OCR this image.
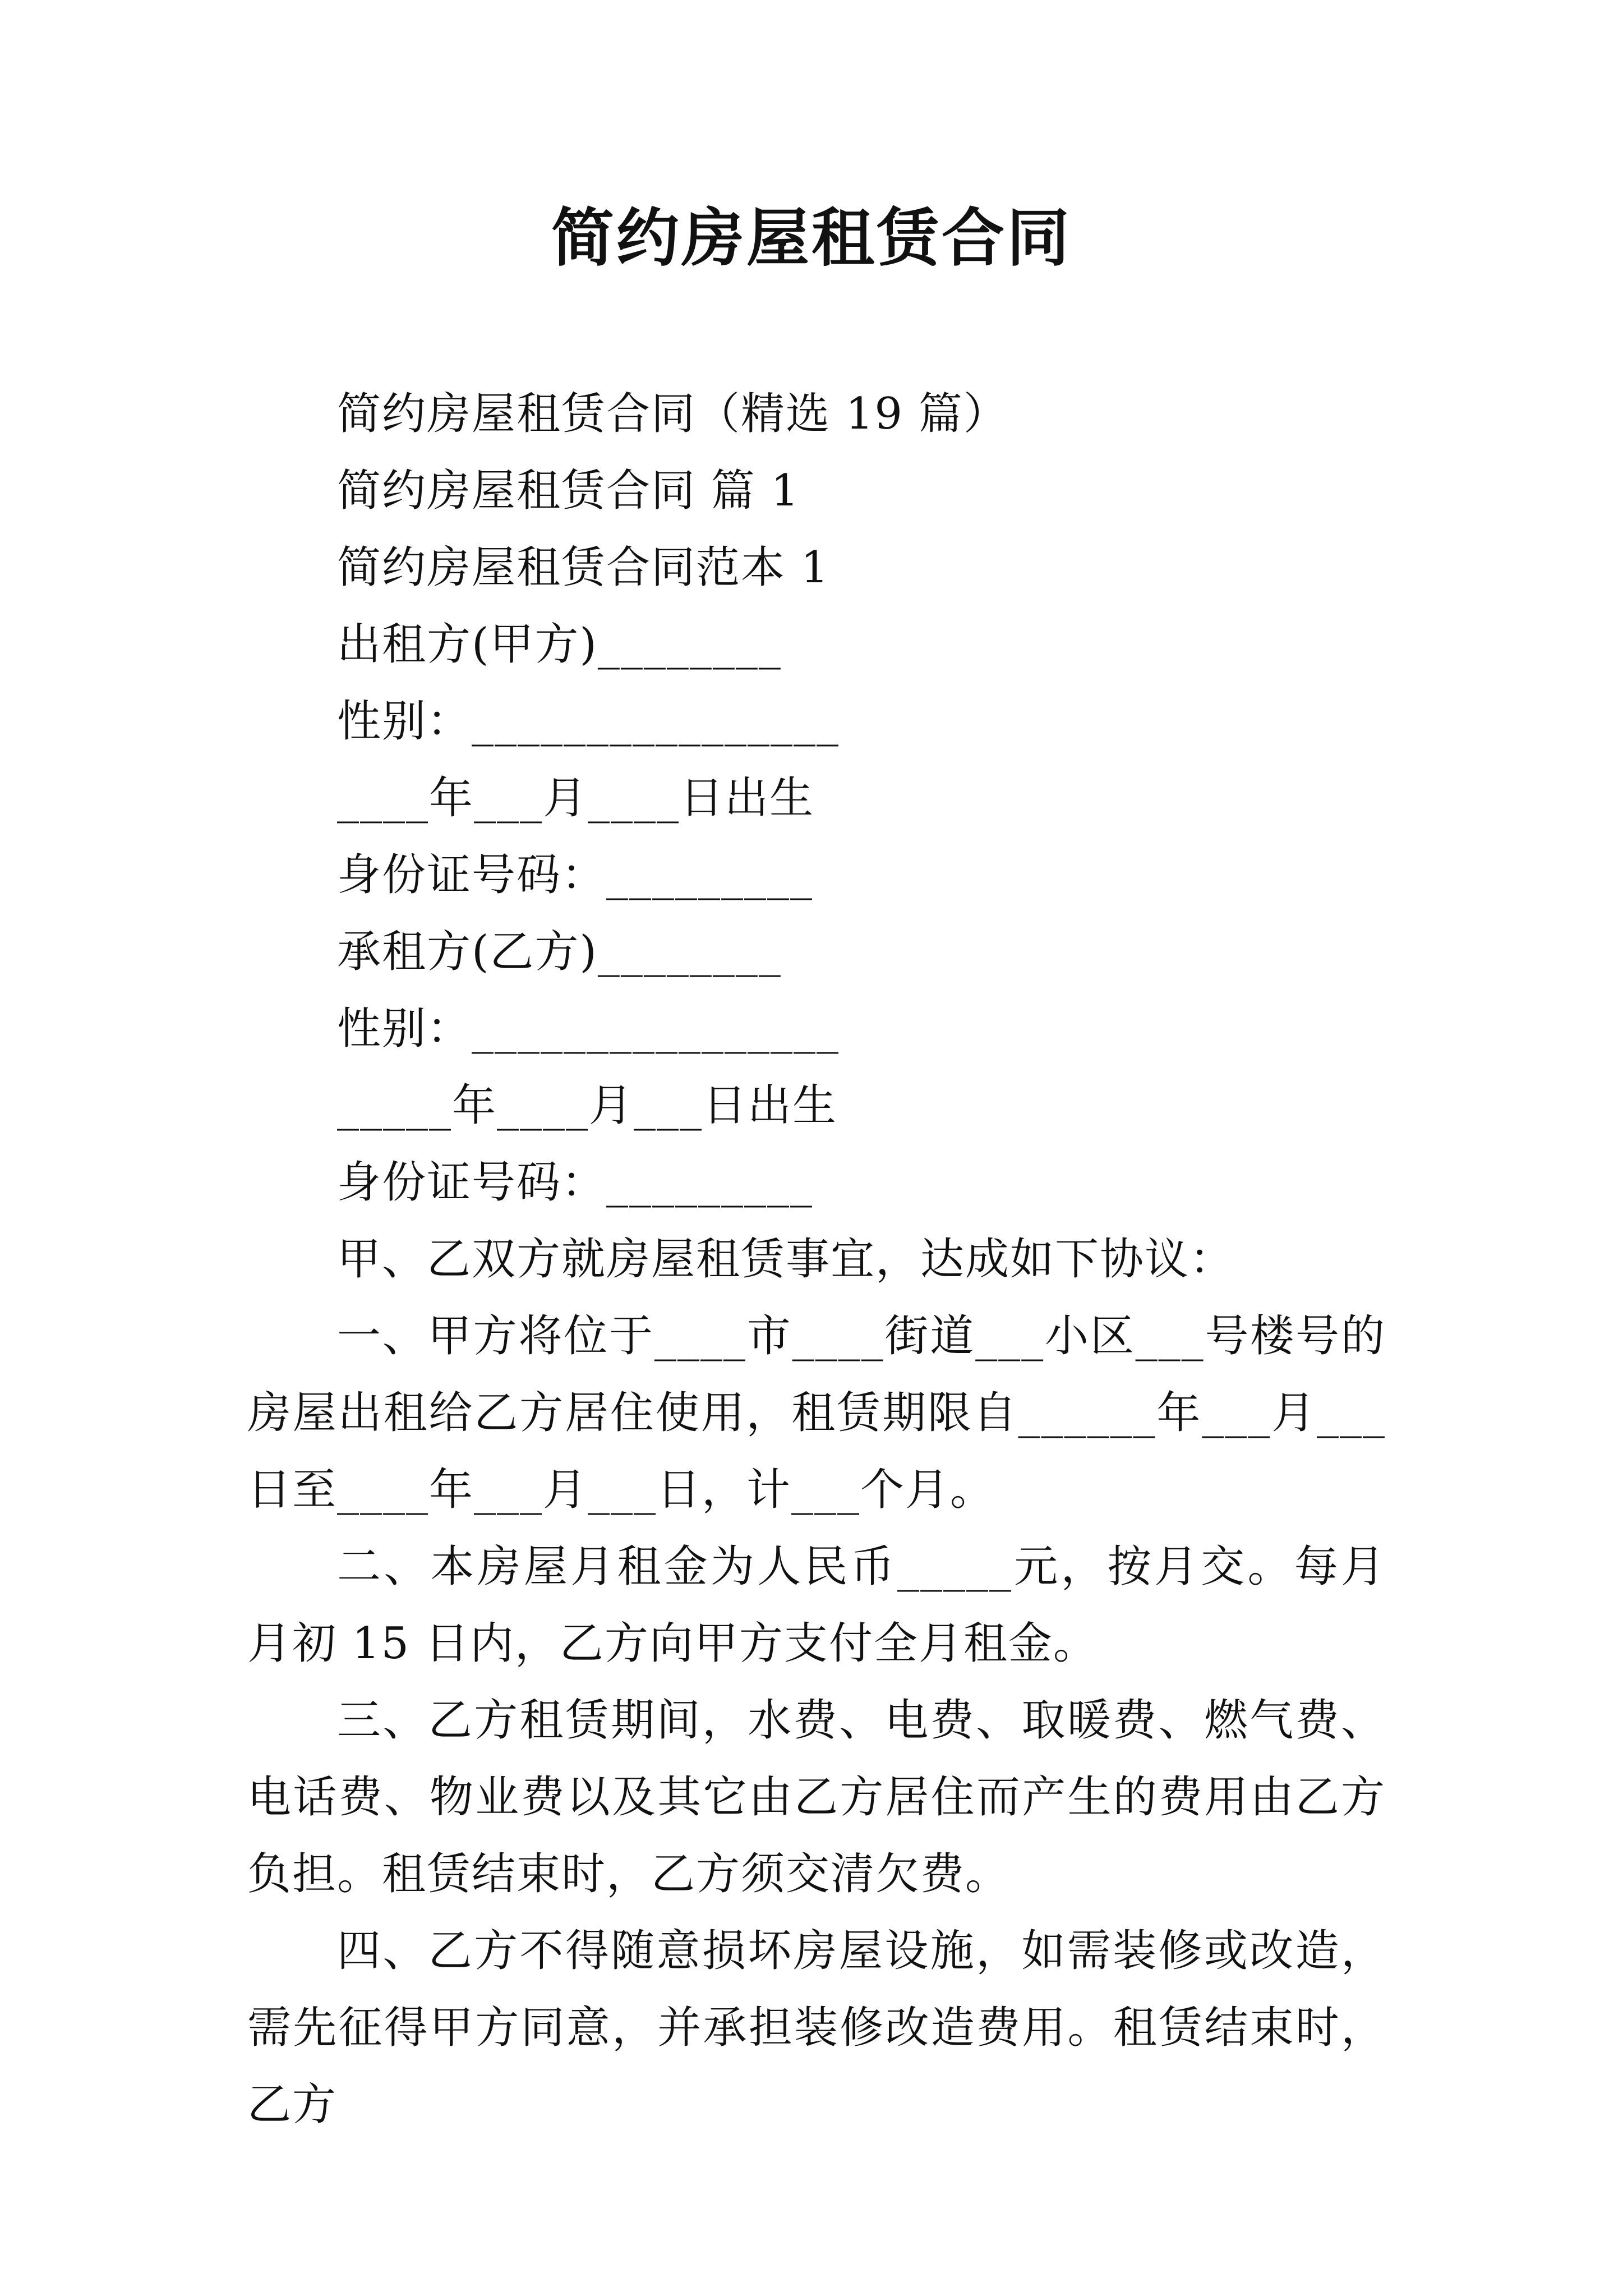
简约房屋租赁合同
简约房屋租赁合同（精选 19 篇）
简约房屋租赁合同 篇 1
简约房屋租赁合同范本 1
出租方(甲方)________
性别：________________
____年___月____日出生
身份证号码：_________
承租方(乙方)________
性别：________________
_____年____月___日出生
身份证号码：_________
甲、乙双方就房屋租赁事宜，达成如下协议：
一、甲方将位于____市____街道___小区___号楼号的房屋出租给乙方居住使用，租赁期限自______年___月___日至____年___月___日，计___个月。
二、本房屋月租金为人民币_____元，按月交。每月月初 15 日内，乙方向甲方支付全月租金。
三、乙方租赁期间，水费、电费、取暖费、燃气费、电话费、物业费以及其它由乙方居住而产生的费用由乙方负担。租赁结束时，乙方须交清欠费。
四、乙方不得随意损坏房屋设施，如需装修或改造，需先征得甲方同意，并承担装修改造费用。租赁结束时，乙方
